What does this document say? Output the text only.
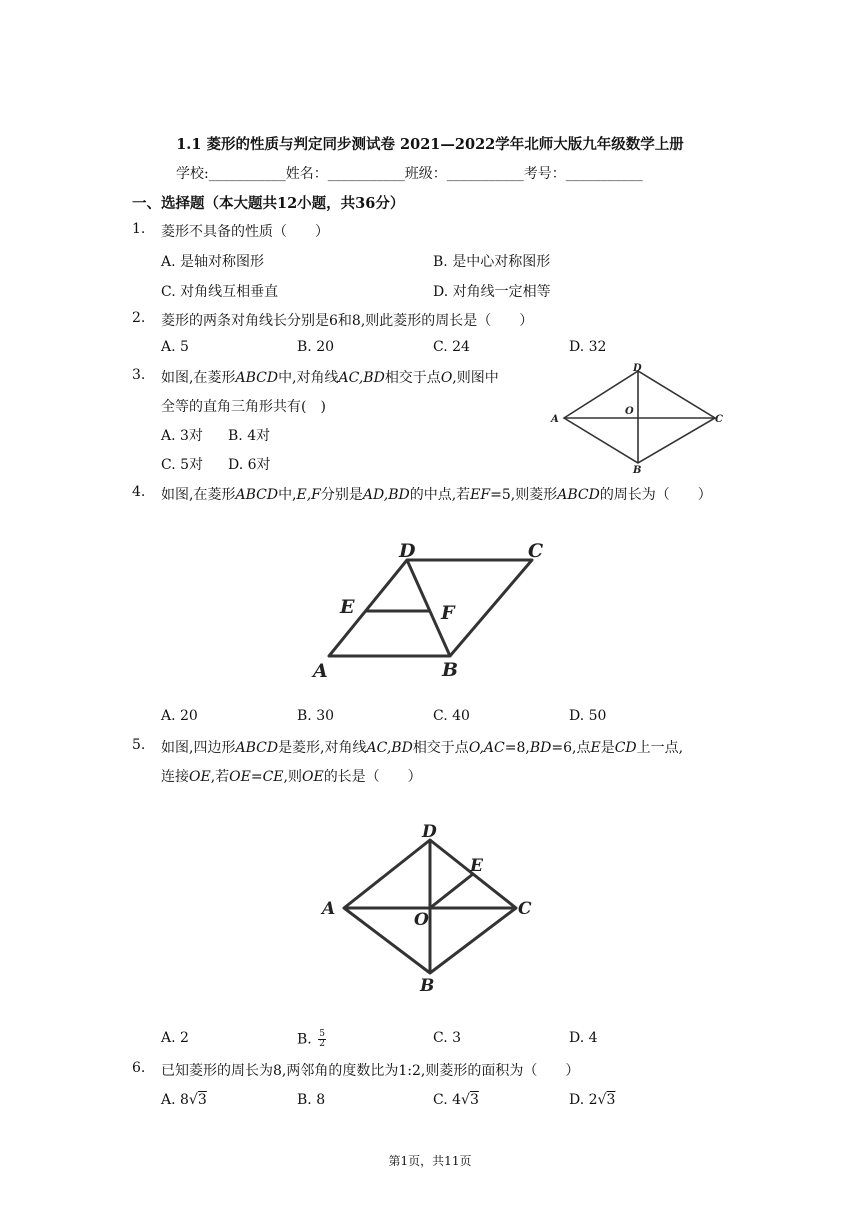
1.1 菱形的性质与判定同步测试卷 2021—2022学年北师大版九年级数学上册
学校:___________姓名：___________班级：___________考号：___________
一、选择题（本大题共12小题，共36分）
1. 菱形不具备的性质（　　）
A. 是轴对称图形	B. 是中心对称图形
C. 对角线互相垂直	D. 对角线一定相等
2. 菱形的两条对角线长分别是6和8,则此菱形的周长是（　　）
A. 5	B. 20	C. 24	D. 32
3. 如图,在菱形ABCD中,对角线AC,BD相交于点O,则图中
全等的直角三角形共有(　)
A. 3对 B. 4对
C. 5对 D. 6对
A
B
C
D
O
4. 如图,在菱形ABCD中,E,F分别是AD,BD的中点,若EF=5,则菱形ABCD的周长为（　　）
A. 20	B. 30	C. 40	D. 50
A	B
C
D
E	F
5. 如图,四边形ABCD是菱形,对角线AC,BD相交于点O,AC=8,BD=6,点E是CD上一点,
连接OE,若OE=CE,则OE的长是（　　）
A. 2	B. $\frac{5}{2}$	C. 3	D. 4
A
B
C
D
E
O
6. 已知菱形的周长为8,两邻角的度数比为1:2,则菱形的面积为（　　）
A. 8√3	B. 8	C. 4√3	D. 2√3
第1页，共11页
